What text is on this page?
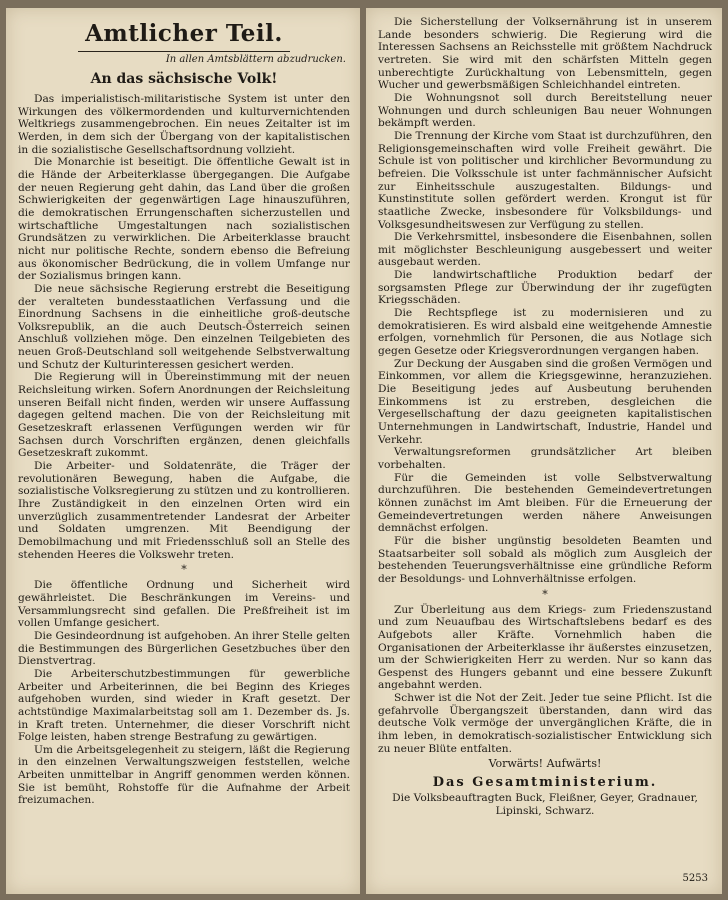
Amtlicher Teil.
In allen Amtsblättern abzudrucken.
An das sächsische Volk!

Das imperialistisch-militaristische System ist unter den Wirkungen des völkermordenden und kulturvernichtenden Weltkriegs zusammengebrochen. Ein neues Zeitalter ist im Werden, in dem sich der Übergang von der kapitalistischen in die sozialistische Gesellschaftsordnung vollzieht.

Die Monarchie ist beseitigt. Die öffentliche Gewalt ist in die Hände der Arbeiterklasse übergegangen. Die Aufgabe der neuen Regierung geht dahin, das Land über die großen Schwierigkeiten der gegenwärtigen Lage hinauszuführen, die demokratischen Errungenschaften sicherzustellen und wirtschaftliche Umgestaltungen nach sozialistischen Grundsätzen zu verwirklichen. Die Arbeiterklasse braucht nicht nur politische Rechte, sondern ebenso die Befreiung aus ökonomischer Bedrückung, die in vollem Umfange nur der Sozialismus bringen kann.

Die neue sächsische Regierung erstrebt die Beseitigung der veralteten bundesstaatlichen Verfassung und die Einordnung Sachsens in die einheitliche groß-deutsche Volksrepublik, an die auch Deutsch-Österreich seinen Anschluß vollziehen möge. Den einzelnen Teilgebieten des neuen Groß-Deutschland soll weitgehende Selbstverwaltung und Schutz der Kulturinteressen gesichert werden.

Die Regierung will in Übereinstimmung mit der neuen Reichsleitung wirken. Sofern Anordnungen der Reichsleitung unseren Beifall nicht finden, werden wir unsere Auffassung dagegen geltend machen. Die von der Reichsleitung mit Gesetzeskraft erlassenen Verfügungen werden wir für Sachsen durch Vorschriften ergänzen, denen gleichfalls Gesetzeskraft zukommt.

Die Arbeiter- und Soldatenräte, die Träger der revolutionären Bewegung, haben die Aufgabe, die sozialistische Volksregierung zu stützen und zu kontrollieren. Ihre Zuständigkeit in den einzelnen Orten wird ein unverzüglich zusammentretender Landesrat der Arbeiter und Soldaten umgrenzen. Mit Beendigung der Demobilmachung und mit Friedensschluß soll an Stelle des stehenden Heeres die Volkswehr treten.

*

Die öffentliche Ordnung und Sicherheit wird gewährleistet. Die Beschränkungen im Vereins- und Versammlungsrecht sind gefallen. Die Preßfreiheit ist im vollen Umfange gesichert.

Die Gesindeordnung ist aufgehoben. An ihrer Stelle gelten die Bestimmungen des Bürgerlichen Gesetzbuches über den Dienstvertrag.

Die Arbeiterschutzbestimmungen für gewerbliche Arbeiter und Arbeiterinnen, die bei Beginn des Krieges aufgehoben wurden, sind wieder in Kraft gesetzt. Der achtstündige Maximalarbeitstag soll am 1. Dezember ds. Js. in Kraft treten. Unternehmer, die dieser Vorschrift nicht Folge leisten, haben strenge Bestrafung zu gewärtigen.

Um die Arbeitsgelegenheit zu steigern, läßt die Regierung in den einzelnen Verwaltungszweigen feststellen, welche Arbeiten unmittelbar in Angriff genommen werden können. Sie ist bemüht, Rohstoffe für die Aufnahme der Arbeit freizumachen.

Die Sicherstellung der Volksernährung ist in unserem Lande besonders schwierig. Die Regierung wird die Interessen Sachsens an Reichsstelle mit größtem Nachdruck vertreten. Sie wird mit den schärfsten Mitteln gegen unberechtigte Zurückhaltung von Lebensmitteln, gegen Wucher und gewerbsmäßigen Schleichhandel eintreten.

Die Wohnungsnot soll durch Bereitstellung neuer Wohnungen und durch schleunigen Bau neuer Wohnungen bekämpft werden.

Die Trennung der Kirche vom Staat ist durchzuführen, den Religionsgemeinschaften wird volle Freiheit gewährt. Die Schule ist von politischer und kirchlicher Bevormundung zu befreien. Die Volksschule ist unter fachmännischer Aufsicht zur Einheitsschule auszugestalten. Bildungs- und Kunstinstitute sollen gefördert werden. Krongut ist für staatliche Zwecke, insbesondere für Volksbildungs- und Volksgesundheitswesen zur Verfügung zu stellen.

Die Verkehrsmittel, insbesondere die Eisenbahnen, sollen mit möglichster Beschleunigung ausgebessert und weiter ausgebaut werden.

Die landwirtschaftliche Produktion bedarf der sorgsamsten Pflege zur Überwindung der ihr zugefügten Kriegsschäden.

Die Rechtspflege ist zu modernisieren und zu demokratisieren. Es wird alsbald eine weitgehende Amnestie erfolgen, vornehmlich für Personen, die aus Notlage sich gegen Gesetze oder Kriegsverordnungen vergangen haben.

Zur Deckung der Ausgaben sind die großen Vermögen und Einkommen, vor allem die Kriegsgewinne, heranzuziehen. Die Beseitigung jedes auf Ausbeutung beruhenden Einkommens ist zu erstreben, desgleichen die Vergesellschaftung der dazu geeigneten kapitalistischen Unternehmungen in Landwirtschaft, Industrie, Handel und Verkehr.

Verwaltungsreformen grundsätzlicher Art bleiben vorbehalten.

Für die Gemeinden ist volle Selbstverwaltung durchzuführen. Die bestehenden Gemeindevertretungen können zunächst im Amt bleiben. Für die Erneuerung der Gemeindevertretungen werden nähere Anweisungen demnächst erfolgen.

Für die bisher ungünstig besoldeten Beamten und Staatsarbeiter soll sobald als möglich zum Ausgleich der bestehenden Teuerungsverhältnisse eine gründliche Reform der Besoldungs- und Lohnverhältnisse erfolgen.

*

Zur Überleitung aus dem Kriegs- zum Friedenszustand und zum Neuaufbau des Wirtschaftslebens bedarf es des Aufgebots aller Kräfte. Vornehmlich haben die Organisationen der Arbeiterklasse ihr äußerstes einzusetzen, um der Schwierigkeiten Herr zu werden. Nur so kann das Gespenst des Hungers gebannt und eine bessere Zukunft angebahnt werden.

Schwer ist die Not der Zeit. Jeder tue seine Pflicht. Ist die gefahrvolle Übergangszeit überstanden, dann wird das deutsche Volk vermöge der unvergänglichen Kräfte, die in ihm leben, in demokratisch-sozialistischer Entwicklung sich zu neuer Blüte entfalten.

Vorwärts! Aufwärts!
Das Gesamtministerium.
Die Volksbeauftragten Buck, Fleißner, Geyer, Gradnauer, Lipinski, Schwarz.
5253
